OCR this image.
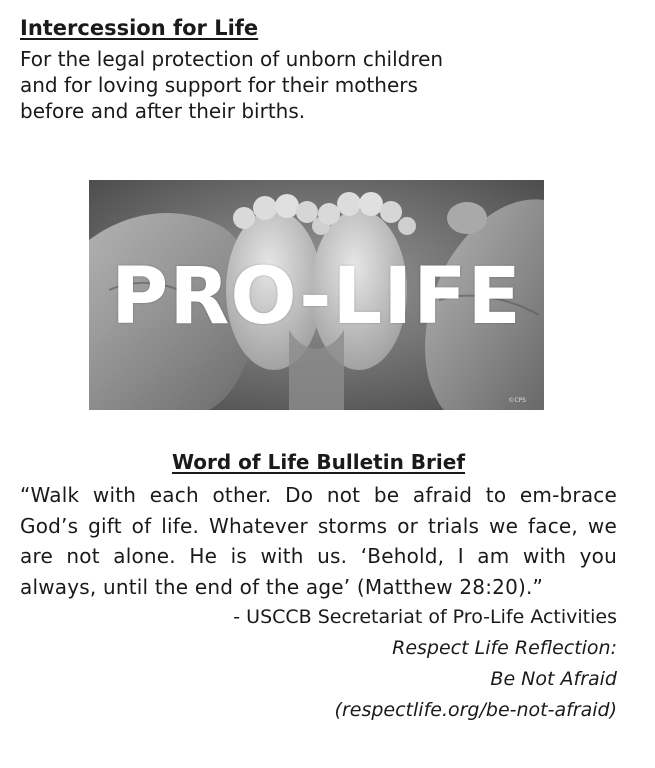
Intercession for Life

For the legal protection of unborn children
and for loving support for their mothers
before and after their births.

PRO-LIFE
©CPS
Word of Life Bulletin Brief

“Walk with each other. Do not be afraid to em-brace God’s gift of life. Whatever storms or trials we face, we are not alone. He is with us. ‘Behold, I am with you always, until the end of the age’ (Matthew 28:20).”

- USCCB Secretariat of Pro-Life Activities

Respect Life Reflection:

Be Not Afraid

(respectlife.org/be-not-afraid)
